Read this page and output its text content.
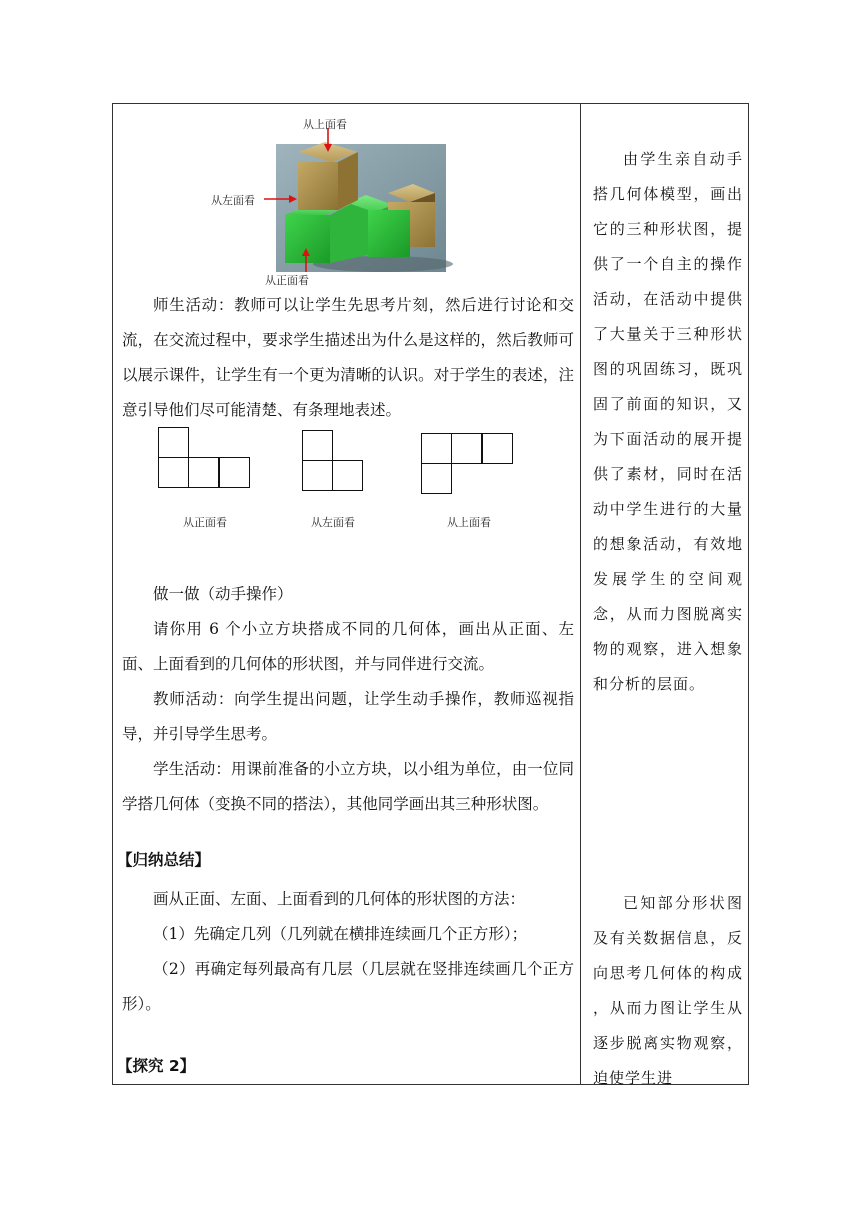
从上面看
从左面看
从正面看
师生活动：教师可以让学生先思考片刻，然后进行讨论和交流，在交流过程中，要求学生描述出为什么是这样的，然后教师可以展示课件，让学生有一个更为清晰的认识。对于学生的表述，注意引导他们尽可能清楚、有条理地表述。
从正面看	从左面看	从上面看
做一做（动手操作）
请你用 6 个小立方块搭成不同的几何体，画出从正面、左面、上面看到的几何体的形状图，并与同伴进行交流。
教师活动：向学生提出问题，让学生动手操作，教师巡视指导，并引导学生思考。
学生活动：用课前准备的小立方块，以小组为单位，由一位同学搭几何体（变换不同的搭法），其他同学画出其三种形状图。
【归纳总结】
画从正面、左面、上面看到的几何体的形状图的方法：
（1）先确定几列（几列就在横排连续画几个正方形）；
（2）再确定每列最高有几层（几层就在竖排连续画几个正方形）。
【探究 2】
由学生亲自动手搭几何体模型，画出它的三种形状图，提供了一个自主的操作活动，在活动中提供了大量关于三种形状图的巩固练习，既巩固了前面的知识，又为下面活动的展开提供了素材，同时在活动中学生进行的大量的想象活动，有效地发展学生的空间观念，从而力图脱离实物的观察，进入想象和分析的层面。
已知部分形状图及有关数据信息，反向思考几何体的构成 ，从而力图让学生从逐步脱离实物观察，迫使学生进
